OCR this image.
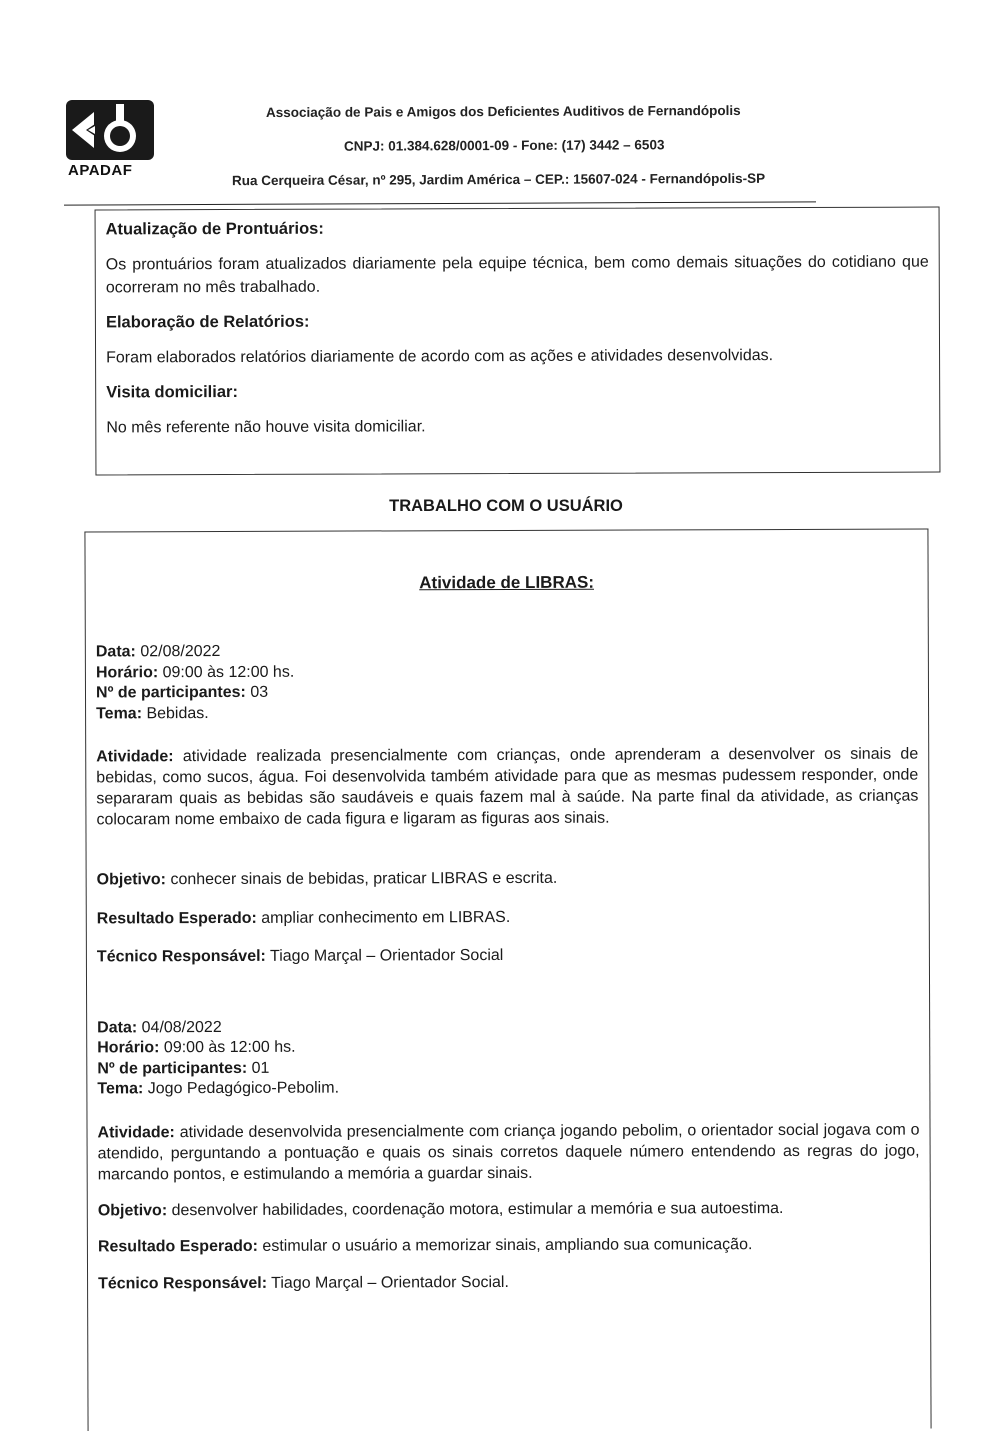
APADAF
Associação de Pais e Amigos dos Deficientes Auditivos de Fernandópolis
CNPJ: 01.384.628/0001-09 - Fone: (17) 3442 – 6503
Rua Cerqueira César, nº 295, Jardim América – CEP.: 15607-024 - Fernandópolis-SP
Atualização de Prontuários:
Os prontuários foram atualizados diariamente pela equipe técnica, bem como demais situações do cotidiano que ocorreram no mês trabalhado.
Elaboração de Relatórios:
Foram elaborados relatórios diariamente de acordo com as ações e atividades desenvolvidas.
Visita domiciliar:
No mês referente não houve visita domiciliar.
TRABALHO COM O USUÁRIO
Atividade de LIBRAS:

Data: 02/08/2022

Horário: 09:00 às 12:00 hs.

Nº de participantes: 03

Tema: Bebidas.

Atividade: atividade realizada presencialmente com crianças, onde aprenderam a desenvolver os sinais de bebidas, como sucos, água. Foi desenvolvida também atividade para que as mesmas pudessem responder, onde separaram quais as bebidas são saudáveis e quais fazem mal à saúde. Na parte final da atividade, as crianças colocaram nome embaixo de cada figura e ligaram as figuras aos sinais.

Objetivo: conhecer sinais de bebidas, praticar LIBRAS e escrita.

Resultado Esperado: ampliar conhecimento em LIBRAS.

Técnico Responsável: Tiago Marçal – Orientador Social

Data: 04/08/2022

Horário: 09:00 às 12:00 hs.

Nº de participantes: 01

Tema: Jogo Pedagógico-Pebolim.

Atividade: atividade desenvolvida presencialmente com criança jogando pebolim, o orientador social jogava com o atendido, perguntando a pontuação e quais os sinais corretos daquele número entendendo as regras do jogo, marcando pontos, e estimulando a memória a guardar sinais.

Objetivo: desenvolver habilidades, coordenação motora, estimular a memória e sua autoestima.

Resultado Esperado: estimular o usuário a memorizar sinais, ampliando sua comunicação.

Técnico Responsável: Tiago Marçal – Orientador Social.
